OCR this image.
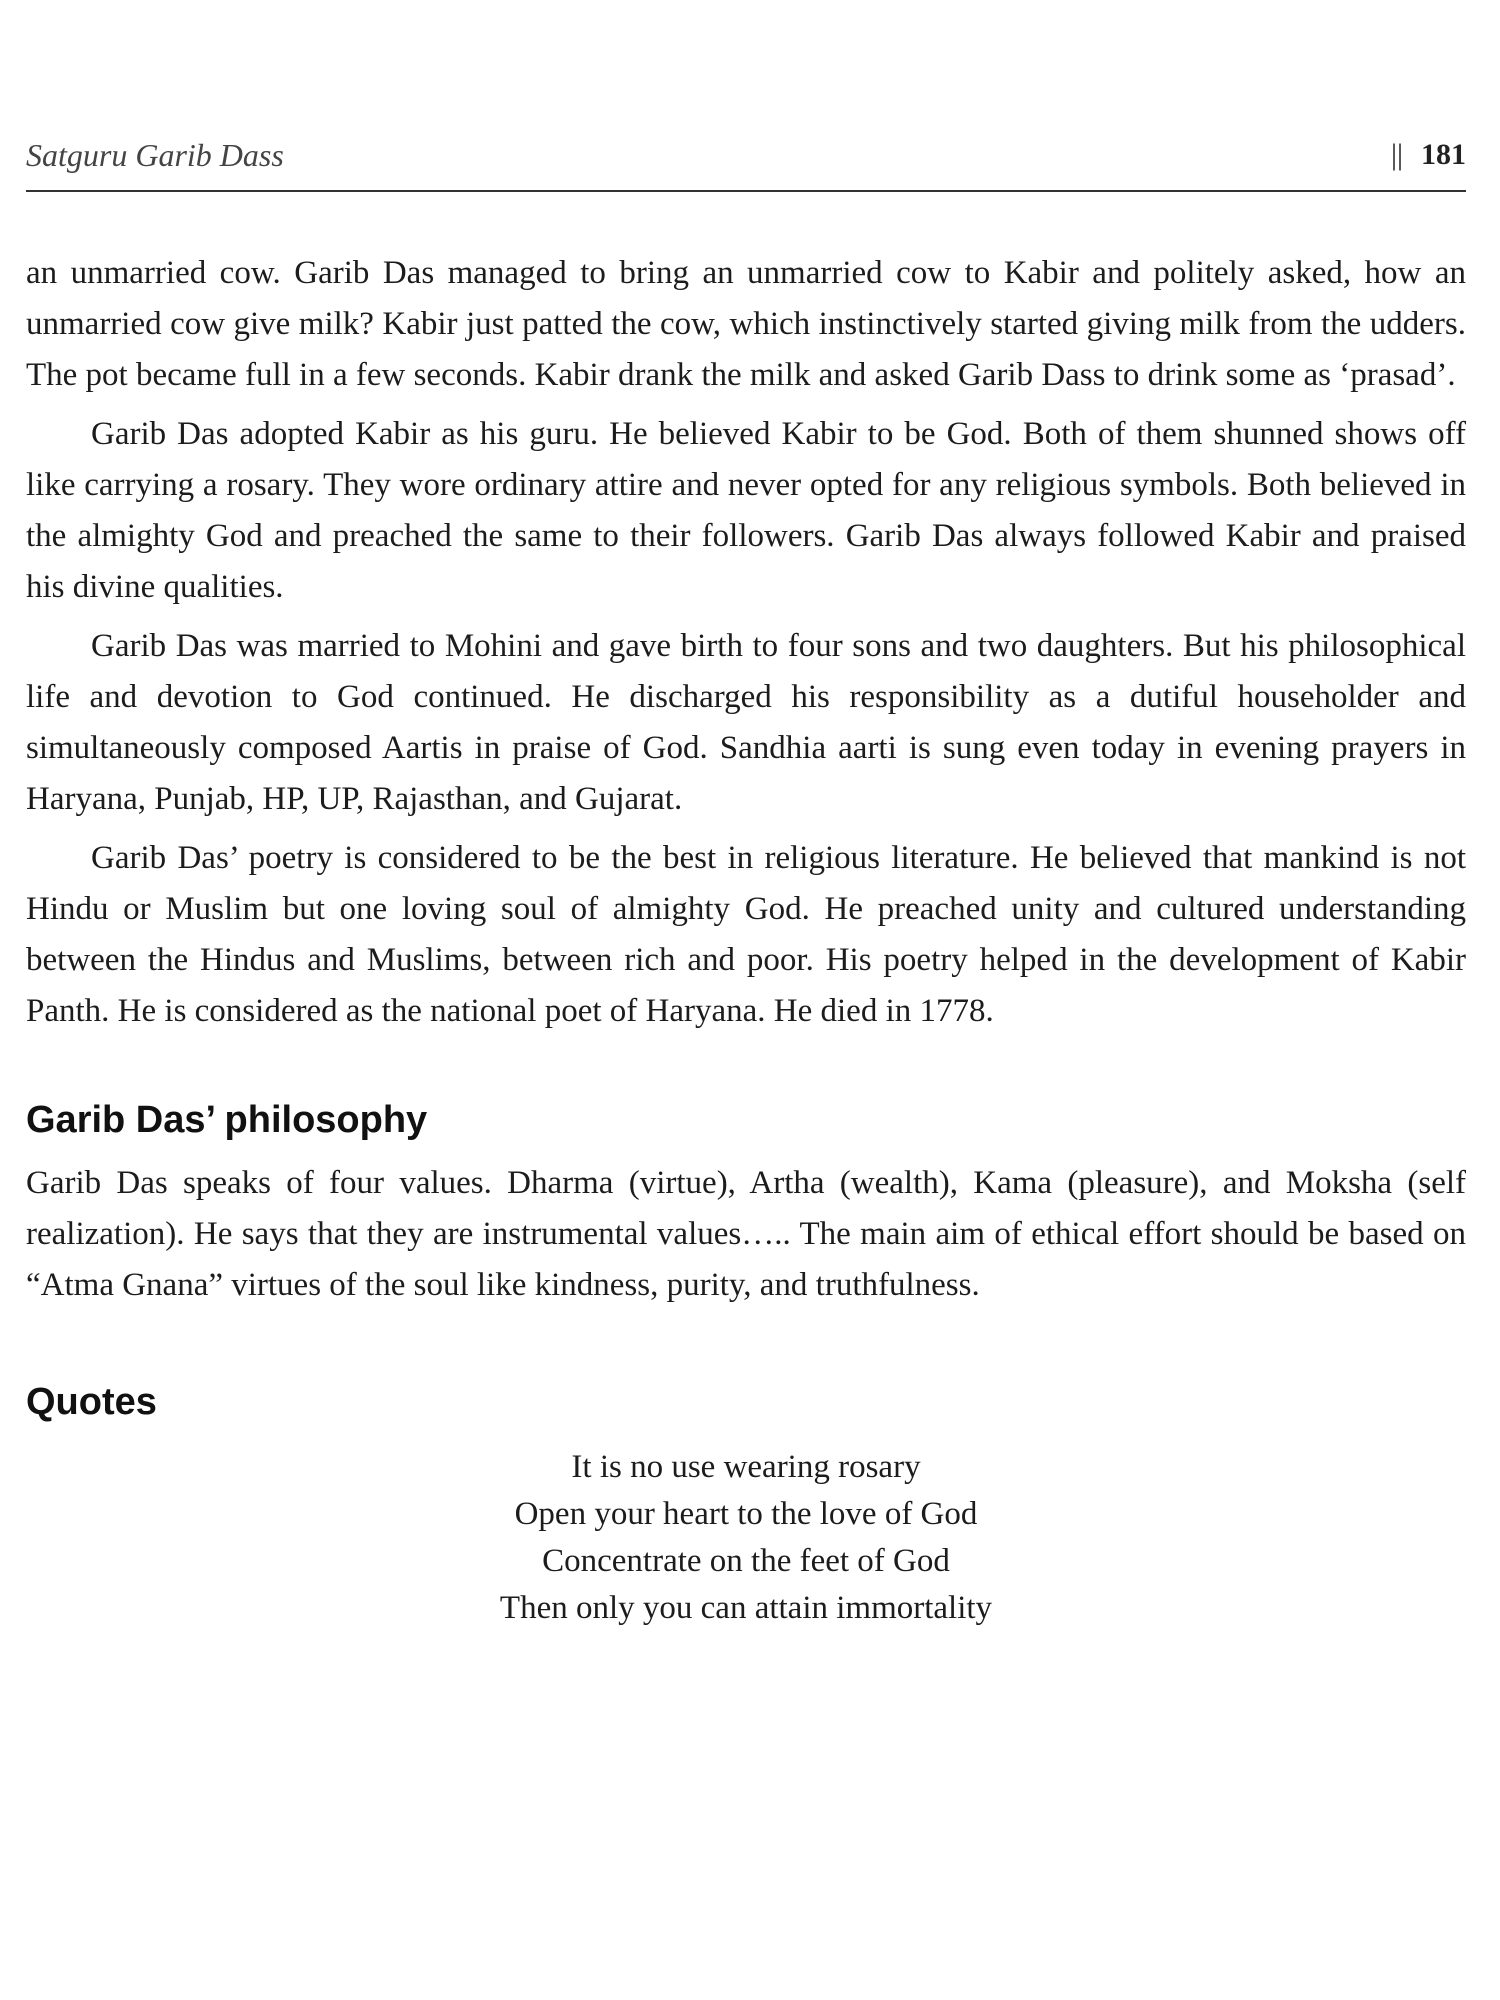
Satguru Garib Dass	|| 181

an unmarried cow. Garib Das managed to bring an unmarried cow to Kabir and politely asked, how an unmarried cow give milk? Kabir just patted the cow, which instinctively started giving milk from the udders. The pot became full in a few seconds. Kabir drank the milk and asked Garib Dass to drink some as ‘prasad’.

Garib Das adopted Kabir as his guru. He believed Kabir to be God. Both of them shunned shows off like carrying a rosary. They wore ordinary attire and never opted for any religious symbols. Both believed in the almighty God and preached the same to their followers. Garib Das always followed Kabir and praised his divine qualities.

Garib Das was married to Mohini and gave birth to four sons and two daughters. But his philosophical life and devotion to God continued. He discharged his responsibility as a dutiful householder and simultaneously composed Aartis in praise of God. Sandhia aarti is sung even today in evening prayers in Haryana, Punjab, HP, UP, Rajasthan, and Gujarat.

Garib Das’ poetry is considered to be the best in religious literature. He believed that mankind is not Hindu or Muslim but one loving soul of almighty God. He preached unity and cultured understanding between the Hindus and Muslims, between rich and poor. His poetry helped in the development of Kabir Panth. He is considered as the national poet of Haryana. He died in 1778.

Garib Das’ philosophy

Garib Das speaks of four values. Dharma (virtue), Artha (wealth), Kama (pleasure), and Moksha (self realization). He says that they are instrumental values….. The main aim of ethical effort should be based on “Atma Gnana” virtues of the soul like kindness, purity, and truthfulness.

Quotes
It is no use wearing rosary
Open your heart to the love of God
Concentrate on the feet of God
Then only you can attain immortality
